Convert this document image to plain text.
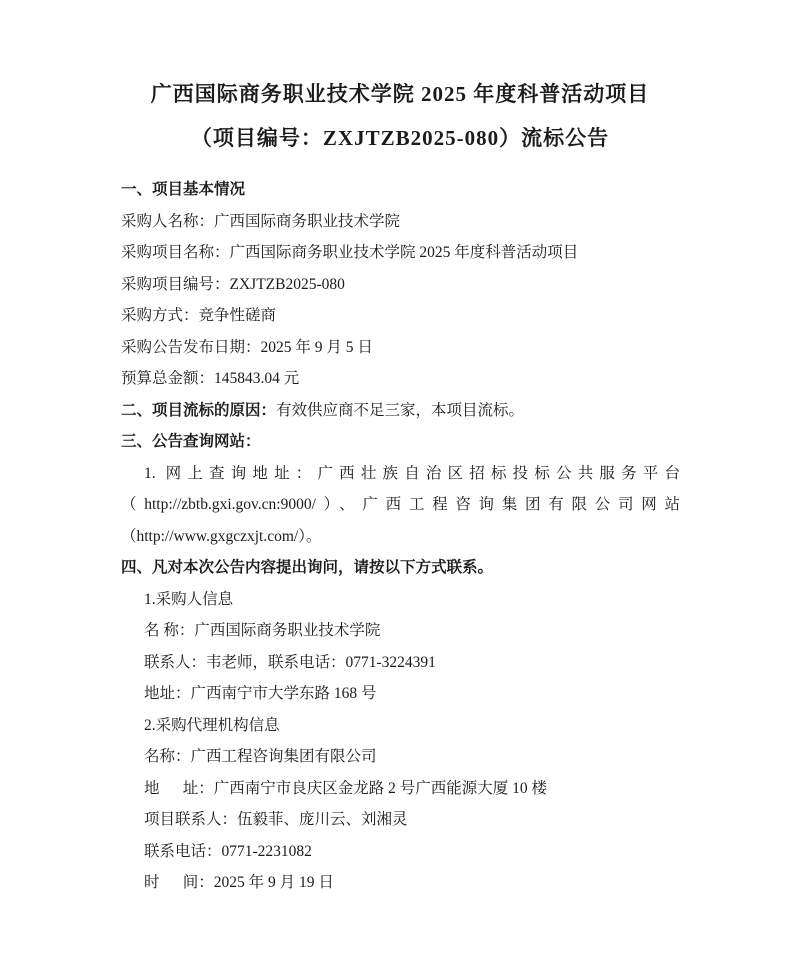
广西国际商务职业技术学院 2025 年度科普活动项目
（项目编号：ZXJTZB2025-080）流标公告
一、项目基本情况
采购人名称：广西国际商务职业技术学院
采购项目名称：广西国际商务职业技术学院 2025 年度科普活动项目
采购项目编号：ZXJTZB2025-080
采购方式：竞争性磋商
采购公告发布日期：2025 年 9 月 5 日
预算总金额：145843.04 元
二、项目流标的原因：有效供应商不足三家，本项目流标。
三、公告查询网站：
1. 网上查询地址：广西壮族自治区招标投标公共服务平台
（http://zbtb.gxi.gov.cn:9000/）、广西工程咨询集团有限公司网站
（http://www.gxgczxjt.com/）。
四、凡对本次公告内容提出询问，请按以下方式联系。
1.采购人信息
名 称：广西国际商务职业技术学院
联系人：韦老师，联系电话：0771-3224391
地址：广西南宁市大学东路 168 号
2.采购代理机构信息
名称：广西工程咨询集团有限公司
地      址：广西南宁市良庆区金龙路 2 号广西能源大厦 10 楼
项目联系人：伍毅菲、庞川云、刘湘灵
联系电话：0771-2231082
时      间：2025 年 9 月 19 日
